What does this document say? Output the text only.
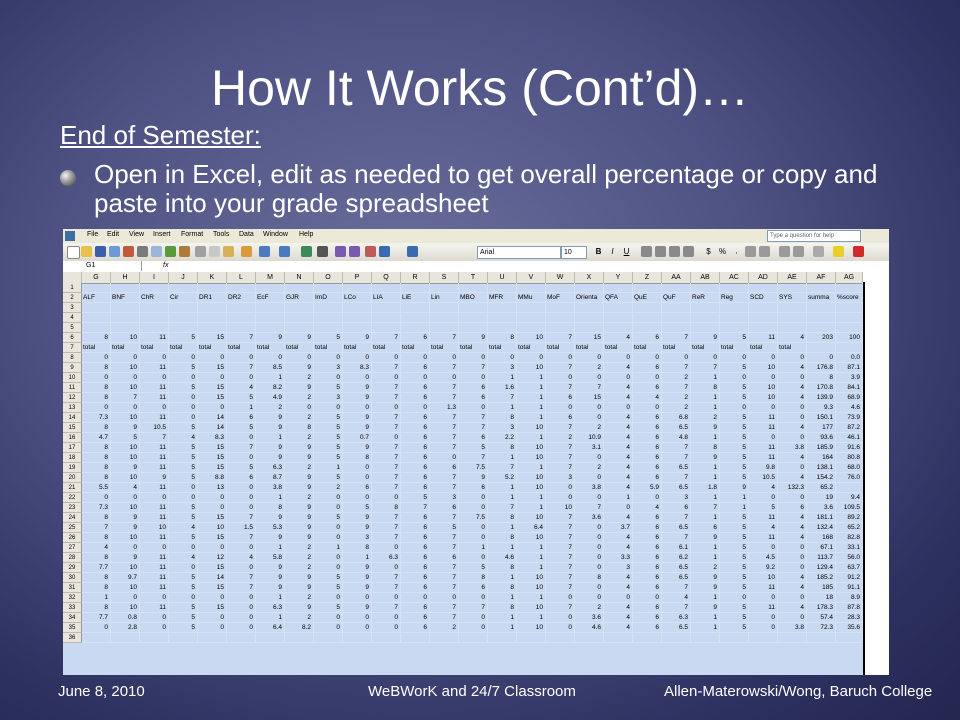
How It Works (Cont’d)…
End of Semester:
Open in Excel, edit as needed to get overall percentage or copy and paste into your grade spreadsheet
File Edit View Insert Format Tools Data Window Help	Type a question for help
Arial	10	B	I	U	$	%	,
G1	fx
G	H	I	J	K	L	M	N	O	P	Q	R	S	T	U	V	W	X	Y	Z	AA	AB	AC	AD	AE	AF	AG
1
2	ALF	BNF	ChR	Cir	DR1	DR2	EcF	GJR	ImD	LCo	LIA	LiE	Lin	MBO	MFR	MMu	MoF	Orienta	QFA	QuE	QuF	ReR	Reg	SCD	SYS	summa	%score
3
4
5
6	8	10	11	5	15	7	9	9	5	9	7	6	7	9	8	10	7	15	4	6	7	9	5	11	4	203	100
7	total	total	total	total	total	total	total	total	total	total	total	total	total	total	total	total	total	total	total	total	total	total	total	total	total
8	0	0	0	0	0	0	0	0	0	0	0	0	0	0	0	0	0	0	0	0	0	0	0	0	0	0	0.0
9	8	10	11	5	15	7	8.5	9	3	8.3	7	6	7	7	3	10	7	2	4	6	7	7	5	10	4	176.8	87.1
10	0	0	0	0	0	0	1	2	0	0	0	0	0	0	1	1	0	0	0	0	2	1	0	0	0	8	3.9
11	8	10	11	5	15	4	8.2	9	5	9	7	6	7	6	1.6	1	7	7	4	6	7	8	5	10	4	170.8	84.1
12	8	7	11	0	15	5	4.9	2	3	9	7	6	7	6	7	1	6	15	4	4	2	1	5	10	4	139.9	68.9
13	0	0	0	0	0	1	2	0	0	0	0	0	1.3	0	1	1	0	0	0	0	2	1	0	0	0	9.3	4.6
14	7.3	10	11	0	14	6	9	2	5	9	7	6	7	7	8	1	6	0	4	6	6.8	2	5	11	0	150.1	73.9
15	8	9	10.5	5	14	5	9	8	5	9	7	6	7	7	3	10	7	2	4	6	6.5	9	5	11	4	177	87.2
16	4.7	5	7	4	8.3	0	1	2	5	0.7	0	6	7	6	2.2	1	2	10.9	4	6	4.8	1	5	0	0	93.6	46.1
17	8	10	11	5	15	7	9	9	5	9	7	6	7	5	8	10	7	3.1	4	6	7	8	5	11	3.8	185.9	91.6
18	8	10	11	5	15	0	9	9	5	8	7	6	0	7	1	10	7	0	4	6	7	9	5	11	4	164	80.8
19	8	9	11	5	15	5	6.3	2	1	0	7	6	6	7.5	7	1	7	2	4	6	6.5	1	5	9.8	0	138.1	68.0
20	8	10	9	5	8.8	6	8.7	9	5	0	7	6	7	9	5.2	10	3	0	4	6	7	1	5	10.5	4	154.2	76.0
21	5.5	4	11	0	13	0	3.8	9	2	6	7	6	7	6	1	10	0	3.8	4	5.9	6.5	1.8	9	4	132.3	65.2
22	0	0	0	0	0	0	1	2	0	0	0	5	3	0	1	1	0	0	1	0	3	1	1	0	0	19	9.4
23	7.3	10	11	5	0	0	8	9	0	5	8	7	6	0	7	1	10	7	0	4	6	7	1	5	6	3.6	109.5
24	8	9	11	5	15	7	9	9	5	9	7	6	7	7.5	8	10	7	3.6	4	6	7	1	5	11	4	181.1	89.2
25	7	9	10	4	10	1.5	5.3	9	0	9	7	6	5	0	1	6.4	7	0	3.7	6	6.5	6	5	4	4	132.4	65.2
26	8	10	11	5	15	7	9	9	0	3	7	6	7	0	8	10	7	0	4	6	7	9	5	11	4	168	82.8
27	4	0	0	0	0	0	1	2	1	8	0	6	7	1	1	1	7	0	4	6	6.1	1	5	0	0	67.1	33.1
28	8	9	11	4	12	4	5.8	2	0	1	6.3	6	6	0	4.6	1	7	0	3.3	6	6.2	1	5	4.5	0	113.7	56.0
29	7.7	10	11	0	15	0	9	2	0	9	0	6	7	5	8	1	7	0	3	6	6.5	2	5	9.2	0	129.4	63.7
30	8	9.7	11	5	14	7	9	9	5	9	7	6	7	8	1	10	7	8	4	6	6.5	9	5	10	4	185.2	91.2
31	8	10	11	5	15	7	9	9	5	9	7	6	7	6	8	10	7	0	4	6	7	9	5	11	4	185	91.1
32	1	0	0	0	0	0	1	2	0	0	0	0	0	0	1	1	0	0	0	0	4	1	0	0	0	18	8.9
33	8	10	11	5	15	0	6.3	9	5	9	7	6	7	7	8	10	7	2	4	6	7	9	5	11	4	178.3	87.8
34	7.7	0.8	0	5	0	0	1	2	0	0	0	6	7	0	1	1	0	3.6	4	6	6.3	1	5	0	0	57.4	28.3
35	0	2.8	0	5	0	0	6.4	8.2	0	0	0	6	2	0	1	10	0	4.6	4	6	6.5	1	5	0	3.8	72.3	35.6
36
June 8, 2010	WeBWorK and 24/7 Classroom	Allen-Materowski/Wong, Baruch College
